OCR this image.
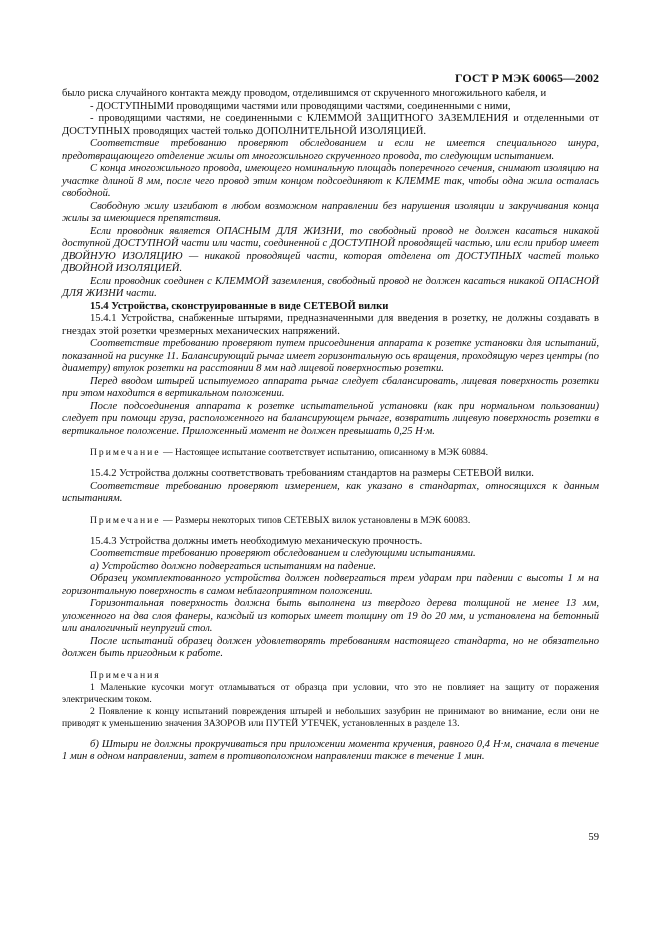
ГОСТ Р МЭК 60065—2002

было риска случайного контакта между проводом, отделившимся от скрученного многожильного кабеля, и

- ДОСТУПНЫМИ проводящими частями или проводящими частями, соединенными с ними,

- проводящими частями, не соединенными с КЛЕММОЙ ЗАЩИТНОГО ЗАЗЕМЛЕНИЯ и отделенными от ДОСТУПНЫХ проводящих частей только ДОПОЛНИТЕЛЬНОЙ ИЗОЛЯЦИЕЙ.

Соответствие требованию проверяют обследованием и если не имеется специального шнура, предотвращающего отделение жилы от многожильного скрученного провода, то следующим испытанием.

С конца многожильного провода, имеющего номинальную площадь поперечного сечения, снимают изоляцию на участке длиной 8 мм, после чего провод этим концом подсоединяют к КЛЕММЕ так, чтобы одна жила осталась свободной.

Свободную жилу изгибают в любом возможном направлении без нарушения изоляции и закручивания конца жилы за имеющиеся препятствия.

Если проводник является ОПАСНЫМ ДЛЯ ЖИЗНИ, то свободный провод не должен касаться никакой доступной ДОСТУПНОЙ части или части, соединенной с ДОСТУПНОЙ проводящей частью, или если прибор имеет ДВОЙНУЮ ИЗОЛЯЦИЮ — никакой проводящей части, которая отделена от ДОСТУПНЫХ частей только ДВОЙНОЙ ИЗОЛЯЦИЕЙ.

Если проводник соединен с КЛЕММОЙ заземления, свободный провод не должен касаться никакой ОПАСНОЙ ДЛЯ ЖИЗНИ части.

15.4 Устройства, сконструированные в виде СЕТЕВОЙ вилки

15.4.1 Устройства, снабженные штырями, предназначенными для введения в розетку, не должны создавать в гнездах этой розетки чрезмерных механических напряжений.

Соответствие требованию проверяют путем присоединения аппарата к розетке установки для испытаний, показанной на рисунке 11. Балансирующий рычаг имеет горизонтальную ось вращения, проходящую через центры (по диаметру) втулок розетки на расстоянии 8 мм над лицевой поверхностью розетки.

Перед вводом штырей испытуемого аппарата рычаг следует сбалансировать, лицевая поверхность розетки при этом находится в вертикальном положении.

После подсоединения аппарата к розетке испытательной установки (как при нормальном пользовании) следует при помощи груза, расположенного на балансирующем рычаге, возвратить лицевую поверхность розетки в вертикальное положение. Приложенный момент не должен превышать 0,25 Н·м.

Примечание — Настоящее испытание соответствует испытанию, описанному в МЭК 60884.

15.4.2 Устройства должны соответствовать требованиям стандартов на размеры СЕТЕВОЙ вилки.

Соответствие требованию проверяют измерением, как указано в стандартах, относящихся к данным испытаниям.

Примечание — Размеры некоторых типов СЕТЕВЫХ вилок установлены в МЭК 60083.

15.4.3 Устройства должны иметь необходимую механическую прочность.

Соответствие требованию проверяют обследованием и следующими испытаниями.

а) Устройство должно подвергаться испытаниям на падение.

Образец укомплектованного устройства должен подвергаться трем ударам при падении с высоты 1 м на горизонтальную поверхность в самом неблагоприятном положении.

Горизонтальная поверхность должна быть выполнена из твердого дерева толщиной не менее 13 мм, уложенного на два слоя фанеры, каждый из которых имеет толщину от 19 до 20 мм, и установлена на бетонный или аналогичный неупругий стол.

После испытаний образец должен удовлетворять требованиям настоящего стандарта, но не обязательно должен быть пригодным к работе.

Примечания

1 Маленькие кусочки могут отламываться от образца при условии, что это не повлияет на защиту от поражения электрическим током.

2 Появление к концу испытаний повреждения штырей и небольших зазубрин не принимают во внимание, если они не приводят к уменьшению значения ЗАЗОРОВ или ПУТЕЙ УТЕЧЕК, установленных в разделе 13.

б) Штыри не должны прокручиваться при приложении момента кручения, равного 0,4 Н·м, сначала в течение 1 мин в одном направлении, затем в противоположном направлении также в течение 1 мин.

59
